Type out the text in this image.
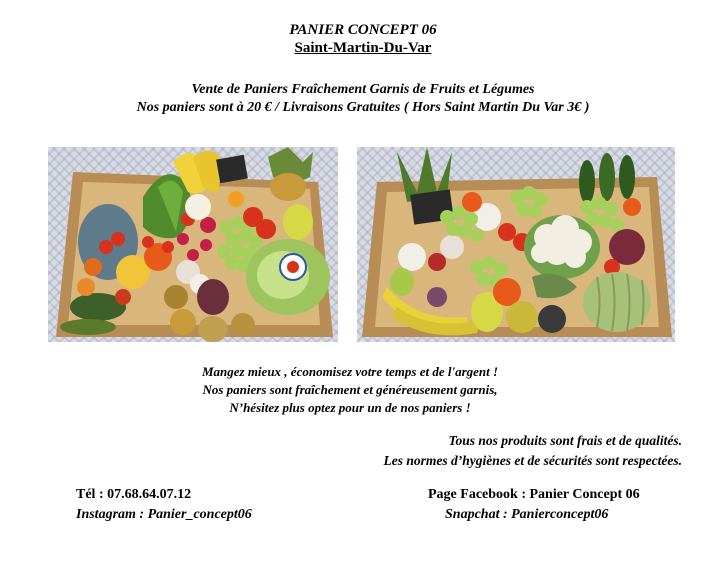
PANIER CONCEPT 06
Saint-Martin-Du-Var
Vente de Paniers Fraîchement Garnis de Fruits et Légumes
Nos paniers sont à 20 € / Livraisons Gratuites ( Hors Saint Martin Du Var 3€ )
Mangez mieux , économisez votre temps et de l'argent !
Nos paniers sont fraîchement et généreusement garnis,
N’hésitez plus optez pour un de nos paniers !
Tous nos produits sont frais et de qualités.
Les normes d’hygiènes et de sécurités sont respectées.
Tél : 07.68.64.07.12
Instagram : Panier_concept06
Page Facebook : Panier Concept 06
Snapchat : Panierconcept06
